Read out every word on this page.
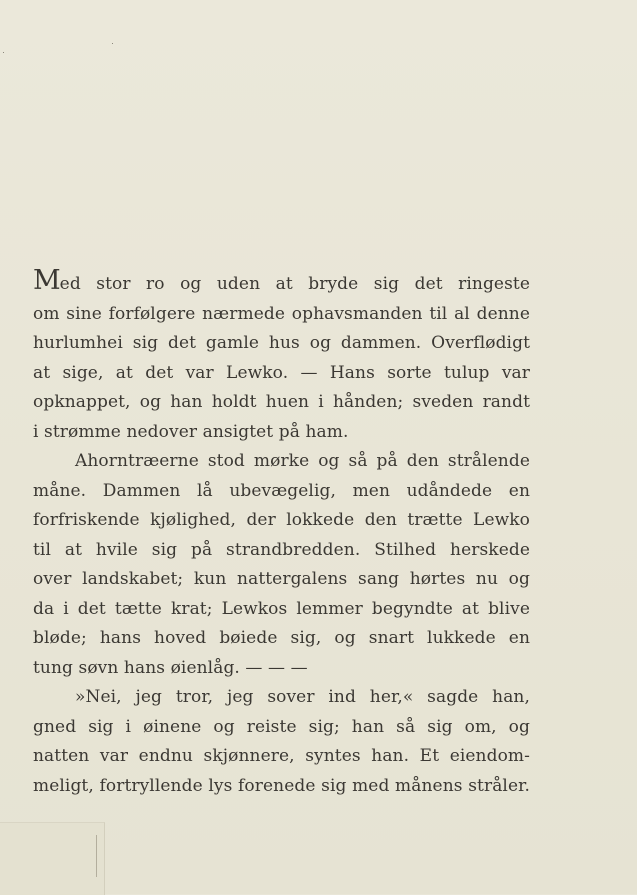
Med stor ro og uden at bryde sig det ringeste
om sine forfølgere nærmede ophavsmanden til al denne
hurlumhei sig det gamle hus og dammen. Overflødigt
at sige, at det var Lewko. — Hans sorte tulup var
opknappet, og han holdt huen i hånden; sveden randt
i strømme nedover ansigtet på ham.
Ahorntræerne stod mørke og så på den strålende
måne. Dammen lå ubevægelig, men udåndede en
forfriskende kjølighed, der lokkede den trætte Lewko
til at hvile sig på strandbredden. Stilhed herskede
over landskabet; kun nattergalens sang hørtes nu og
da i det tætte krat; Lewkos lemmer begyndte at blive
bløde; hans hoved bøiede sig, og snart lukkede en
tung søvn hans øienlåg. — — —
»Nei, jeg tror, jeg sover ind her,« sagde han,
gned sig i øinene og reiste sig; han så sig om, og
natten var endnu skjønnere, syntes han. Et eiendom-
meligt, fortryllende lys forenede sig med månens stråler.
